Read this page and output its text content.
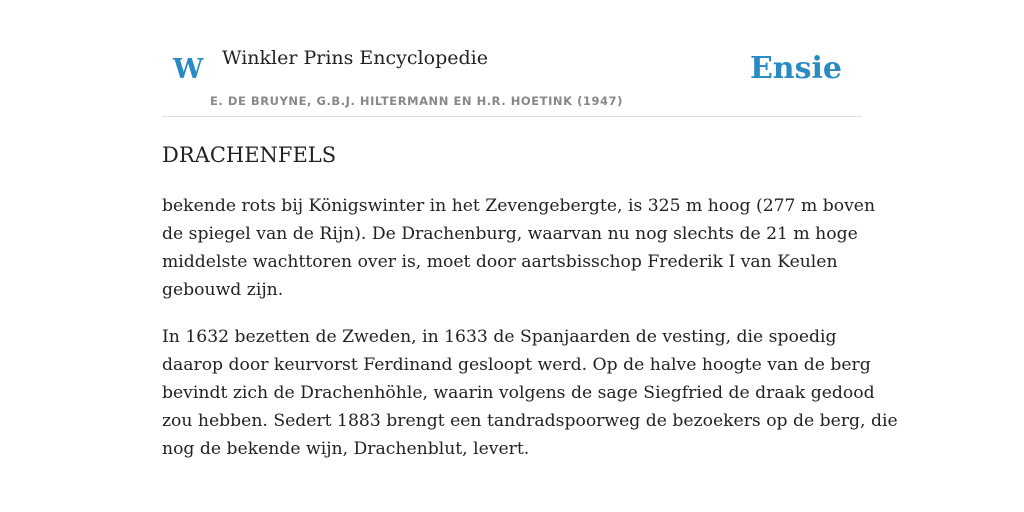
W Winkler Prins Encyclopedie
E. DE BRUYNE, G.B.J. HILTERMANN EN H.R. HOETINK (1947)
Ensie
DRACHENFELS

bekende rots bij Königswinter in het Zevengebergte, is 325 m hoog (277 m boven
de spiegel van de Rijn). De Drachenburg, waarvan nu nog slechts de 21 m hoge
middelste wachttoren over is, moet door aartsbisschop Frederik I van Keulen
gebouwd zijn.

In 1632 bezetten de Zweden, in 1633 de Spanjaarden de vesting, die spoedig
daarop door keurvorst Ferdinand gesloopt werd. Op de halve hoogte van de berg
bevindt zich de Drachenhöhle, waarin volgens de sage Siegfried de draak gedood
zou hebben. Sedert 1883 brengt een tandradspoorweg de bezoekers op de berg, die
nog de bekende wijn, Drachenblut, levert.
